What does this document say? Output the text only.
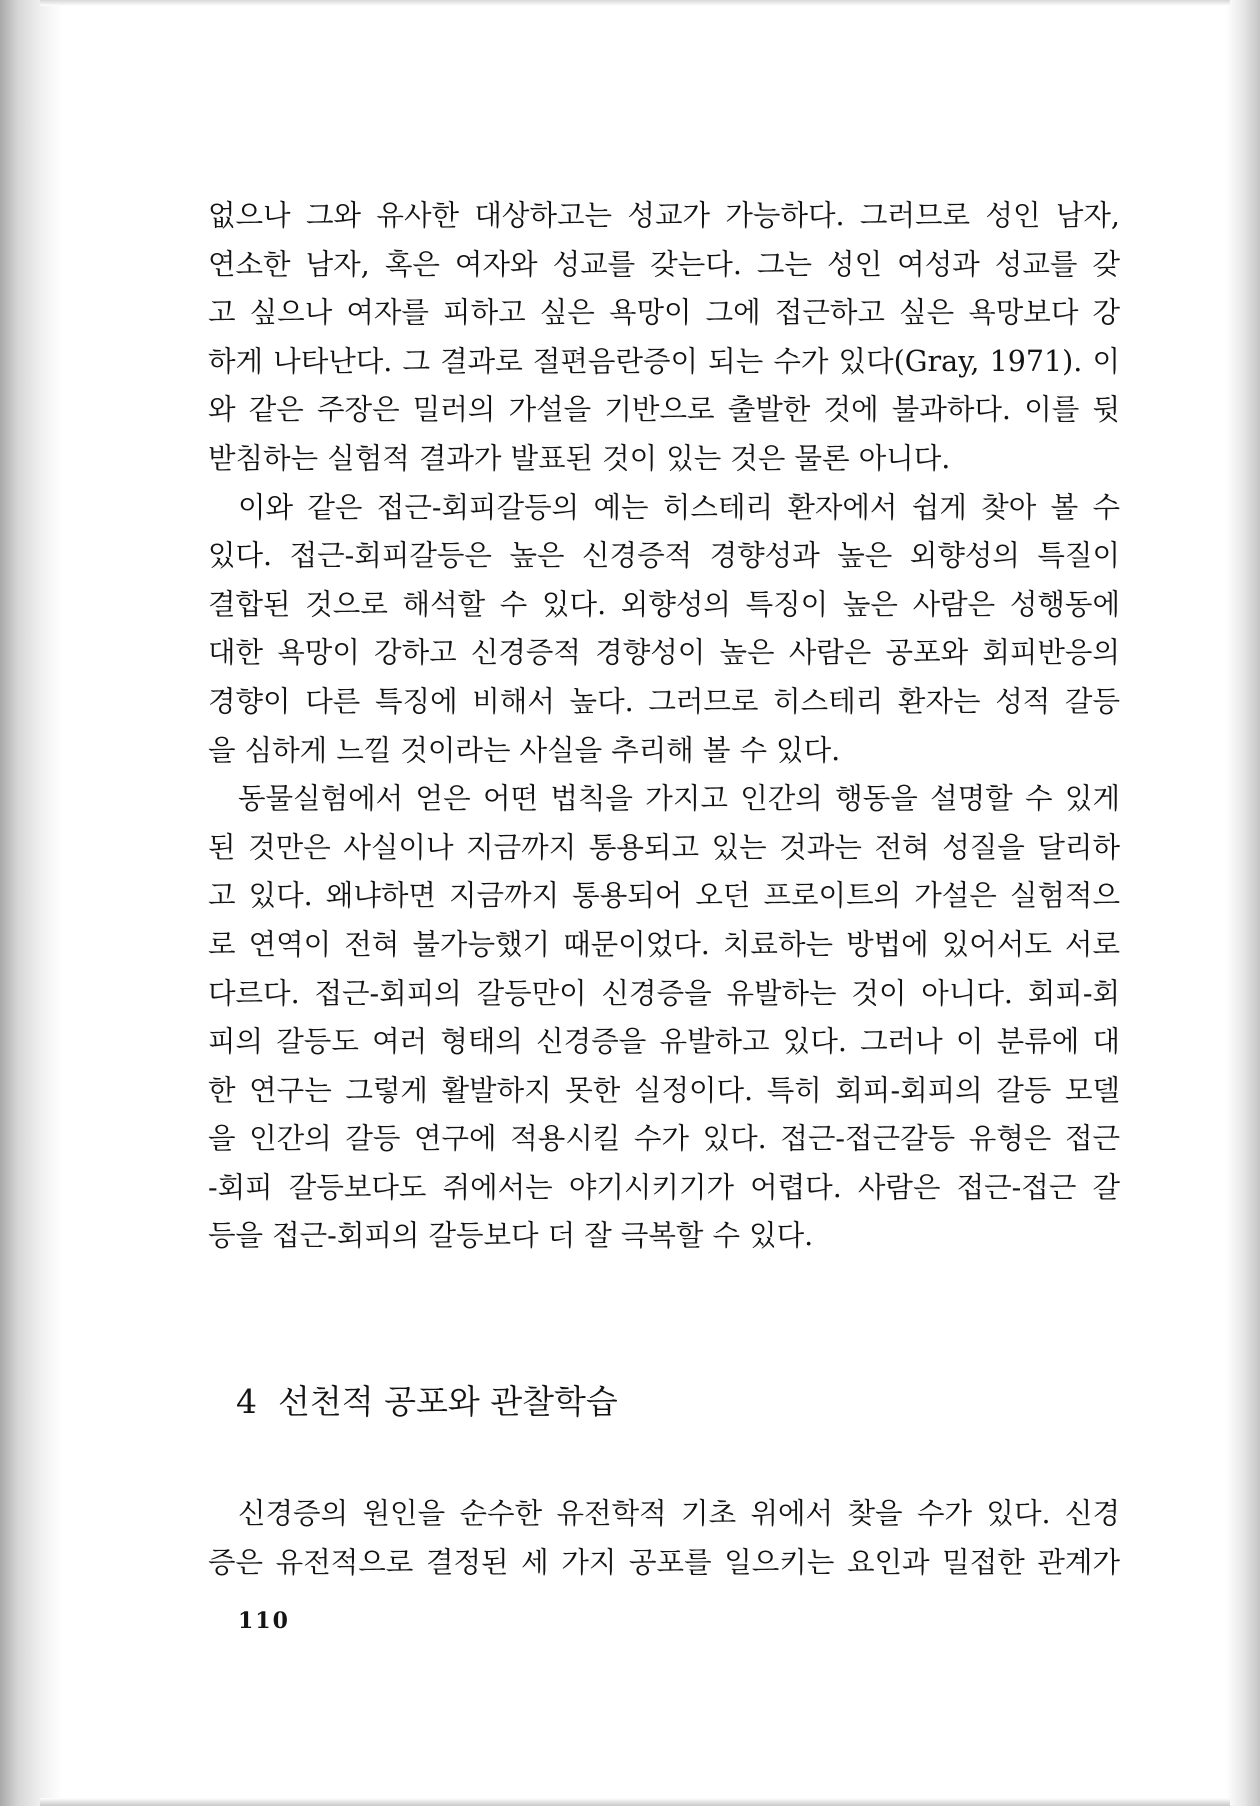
없으나 그와 유사한 대상하고는 성교가 가능하다. 그러므로 성인 남자,
연소한 남자, 혹은 여자와 성교를 갖는다. 그는 성인 여성과 성교를 갖
고 싶으나 여자를 피하고 싶은 욕망이 그에 접근하고 싶은 욕망보다 강
하게 나타난다. 그 결과로 절편음란증이 되는 수가 있다(Gray, 1971). 이
와 같은 주장은 밀러의 가설을 기반으로 출발한 것에 불과하다. 이를 뒷
받침하는 실험적 결과가 발표된 것이 있는 것은 물론 아니다.
이와 같은 접근-회피갈등의 예는 히스테리 환자에서 쉽게 찾아 볼 수
있다. 접근-회피갈등은 높은 신경증적 경향성과 높은 외향성의 특질이
결합된 것으로 해석할 수 있다. 외향성의 특징이 높은 사람은 성행동에
대한 욕망이 강하고 신경증적 경향성이 높은 사람은 공포와 회피반응의
경향이 다른 특징에 비해서 높다. 그러므로 히스테리 환자는 성적 갈등
을 심하게 느낄 것이라는 사실을 추리해 볼 수 있다.
동물실험에서 얻은 어떤 법칙을 가지고 인간의 행동을 설명할 수 있게
된 것만은 사실이나 지금까지 통용되고 있는 것과는 전혀 성질을 달리하
고 있다. 왜냐하면 지금까지 통용되어 오던 프로이트의 가설은 실험적으
로 연역이 전혀 불가능했기 때문이었다. 치료하는 방법에 있어서도 서로
다르다. 접근-회피의 갈등만이 신경증을 유발하는 것이 아니다. 회피-회
피의 갈등도 여러 형태의 신경증을 유발하고 있다. 그러나 이 분류에 대
한 연구는 그렇게 활발하지 못한 실정이다. 특히 회피-회피의 갈등 모델
을 인간의 갈등 연구에 적용시킬 수가 있다. 접근-접근갈등 유형은 접근
-회피 갈등보다도 쥐에서는 야기시키기가 어렵다. 사람은 접근-접근 갈
등을 접근-회피의 갈등보다 더 잘 극복할 수 있다.
4 선천적 공포와 관찰학습
신경증의 원인을 순수한 유전학적 기초 위에서 찾을 수가 있다. 신경
증은 유전적으로 결정된 세 가지 공포를 일으키는 요인과 밀접한 관계가
110
